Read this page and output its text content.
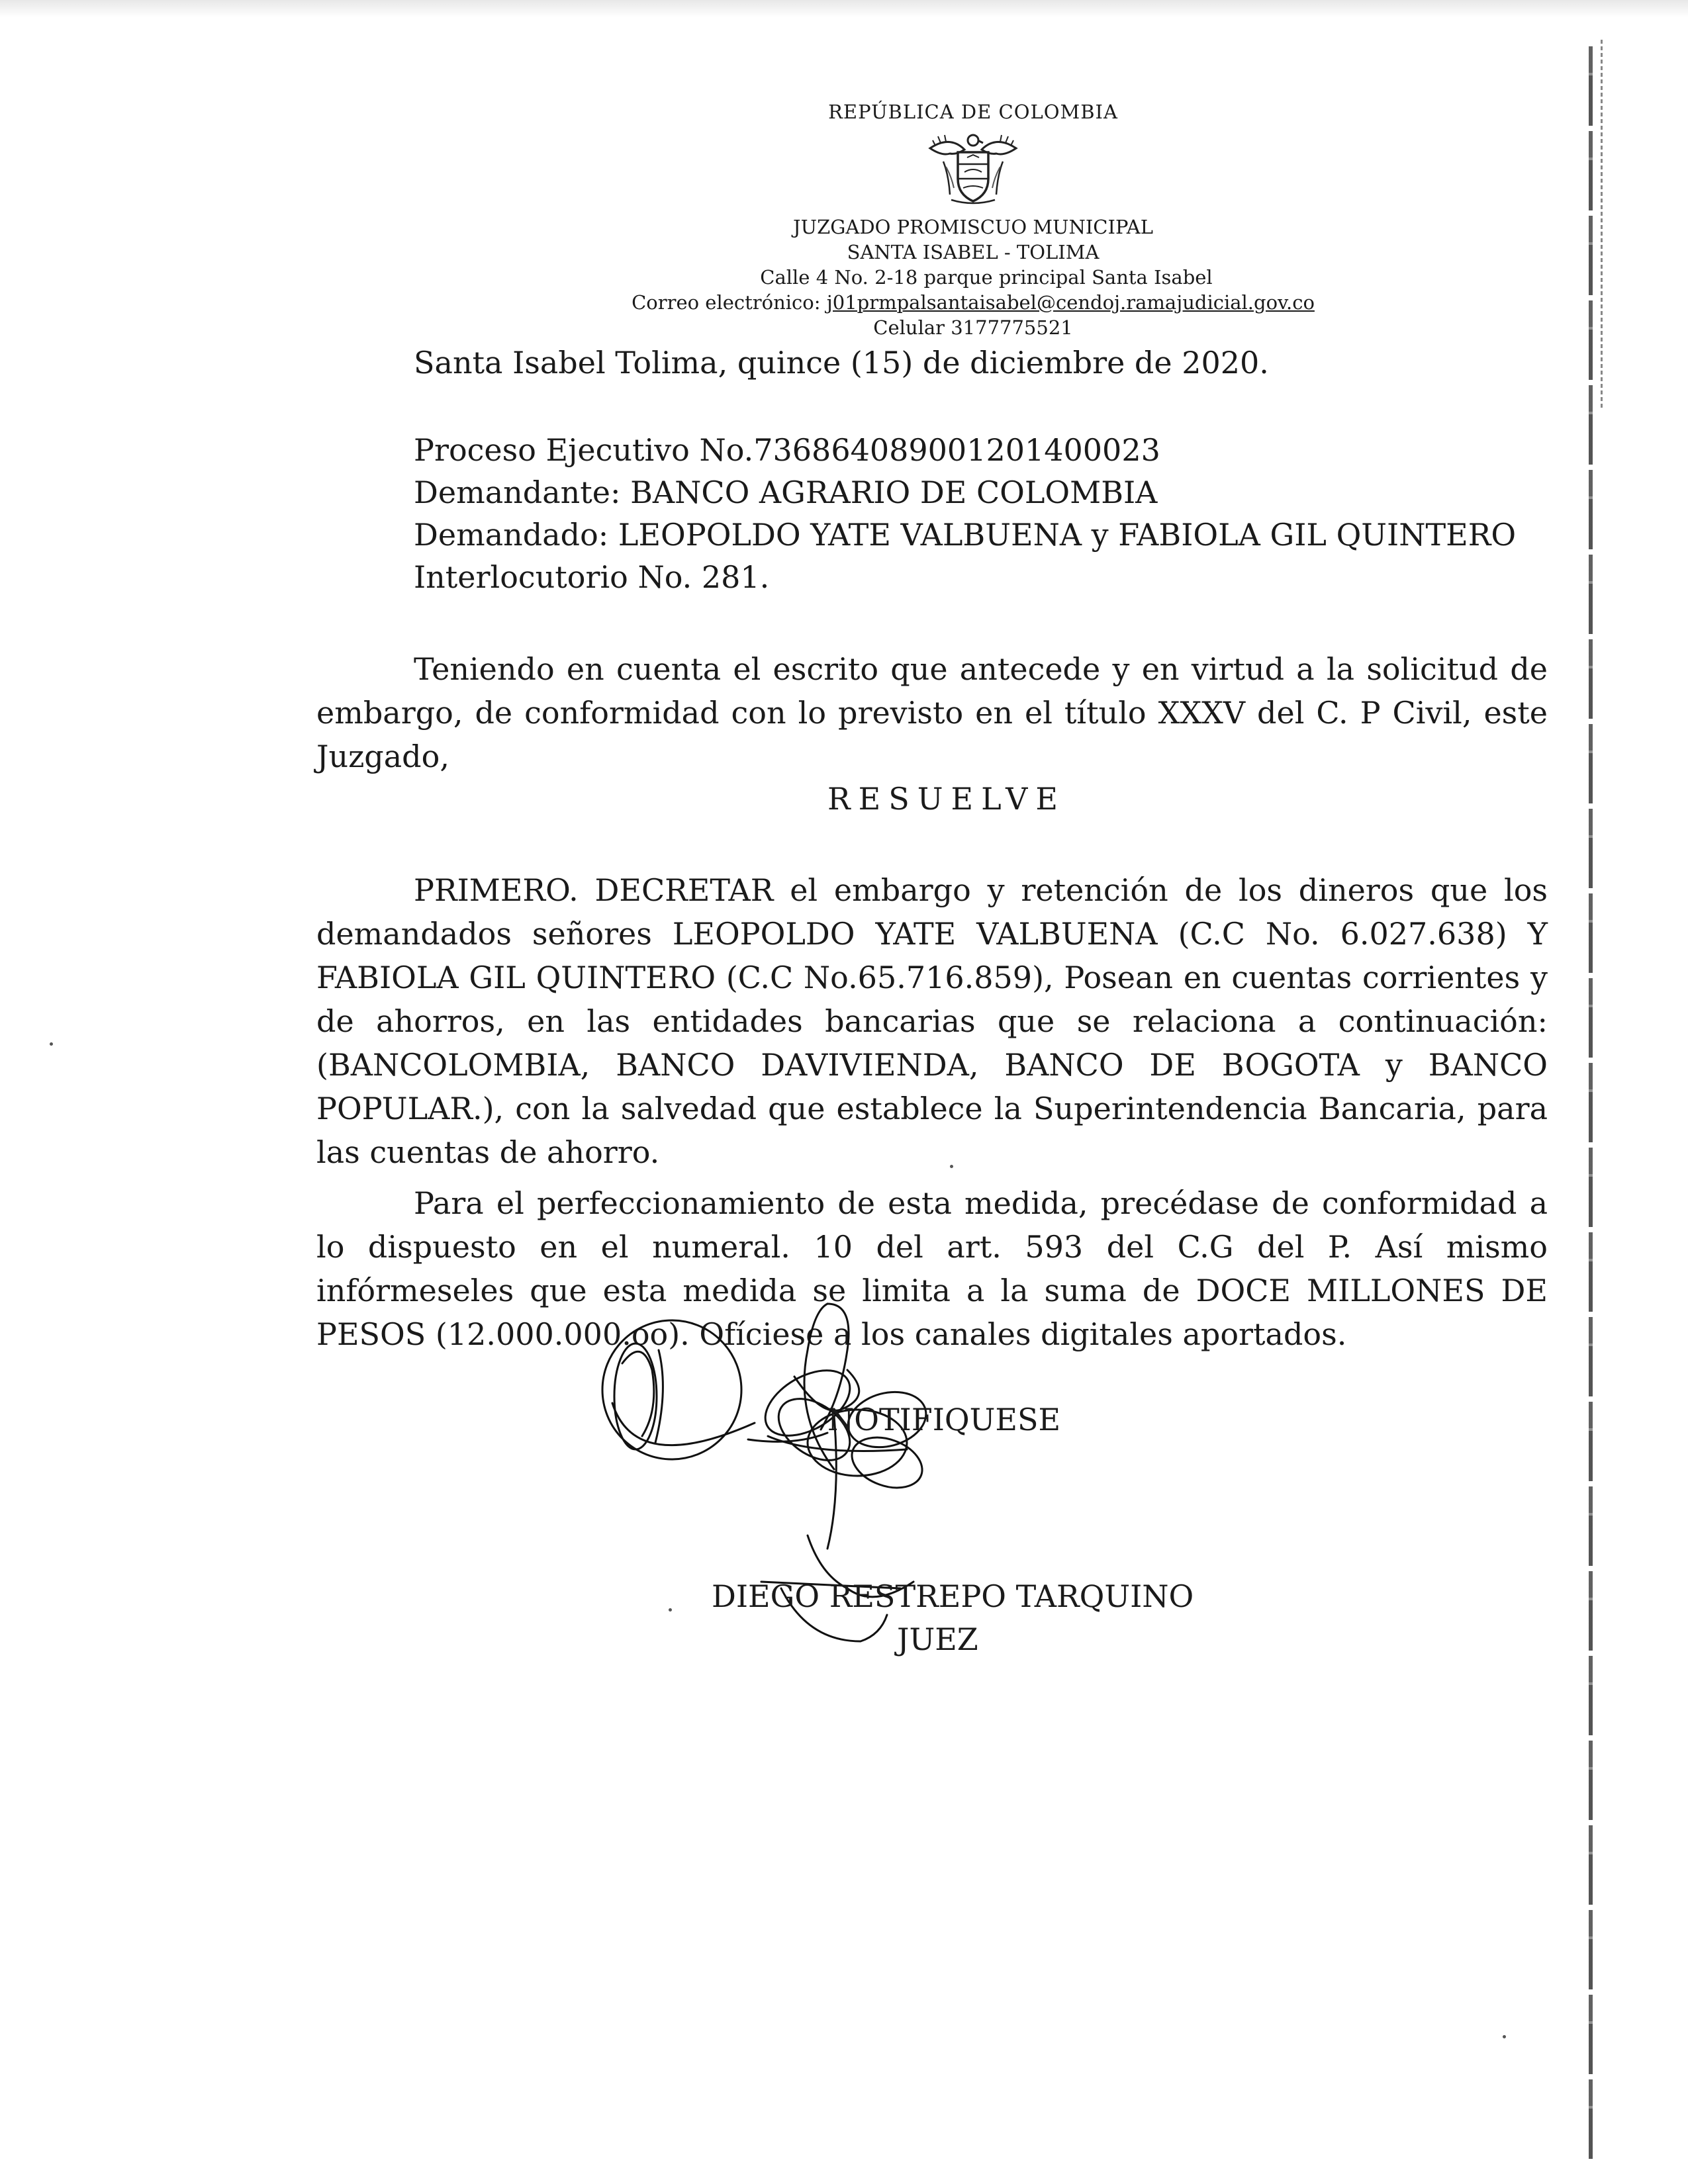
REPÚBLICA DE COLOMBIA
JUZGADO PROMISCUO MUNICIPAL
SANTA ISABEL - TOLIMA
Calle 4 No. 2-18 parque principal Santa Isabel
Correo electrónico: j01prmpalsantaisabel@cendoj.ramajudicial.gov.co
Celular 3177775521
Santa Isabel Tolima, quince (15) de diciembre de 2020.
Proceso Ejecutivo No.736864089001201400023
Demandante: BANCO AGRARIO DE COLOMBIA
Demandado: LEOPOLDO YATE VALBUENA y FABIOLA GIL QUINTERO
Interlocutorio No. 281.
Teniendo en cuenta el escrito que antecede y en virtud a la solicitud de embargo, de conformidad con lo previsto en el título XXXV del C. P Civil, este Juzgado,
RESUELVE
PRIMERO. DECRETAR el embargo y retención de los dineros que los demandados señores LEOPOLDO YATE VALBUENA (C.C No. 6.027.638) Y FABIOLA GIL QUINTERO (C.C No.65.716.859), Posean en cuentas corrientes y de ahorros, en las entidades bancarias que se relaciona a continuación: (BANCOLOMBIA, BANCO DAVIVIENDA, BANCO DE BOGOTA y BANCO POPULAR.), con la salvedad que establece la Superintendencia Bancaria, para las cuentas de ahorro.
Para el perfeccionamiento de esta medida, precédase de conformidad a lo dispuesto en el numeral. 10 del art. 593 del C.G del P. Así mismo infórmeseles que esta medida se limita a la suma de DOCE MILLONES DE PESOS (12.000.000.oo). Ofíciese a los canales digitales aportados.
NOTIFIQUESE
DIEGO RESTREPO TARQUINO
JUEZ
